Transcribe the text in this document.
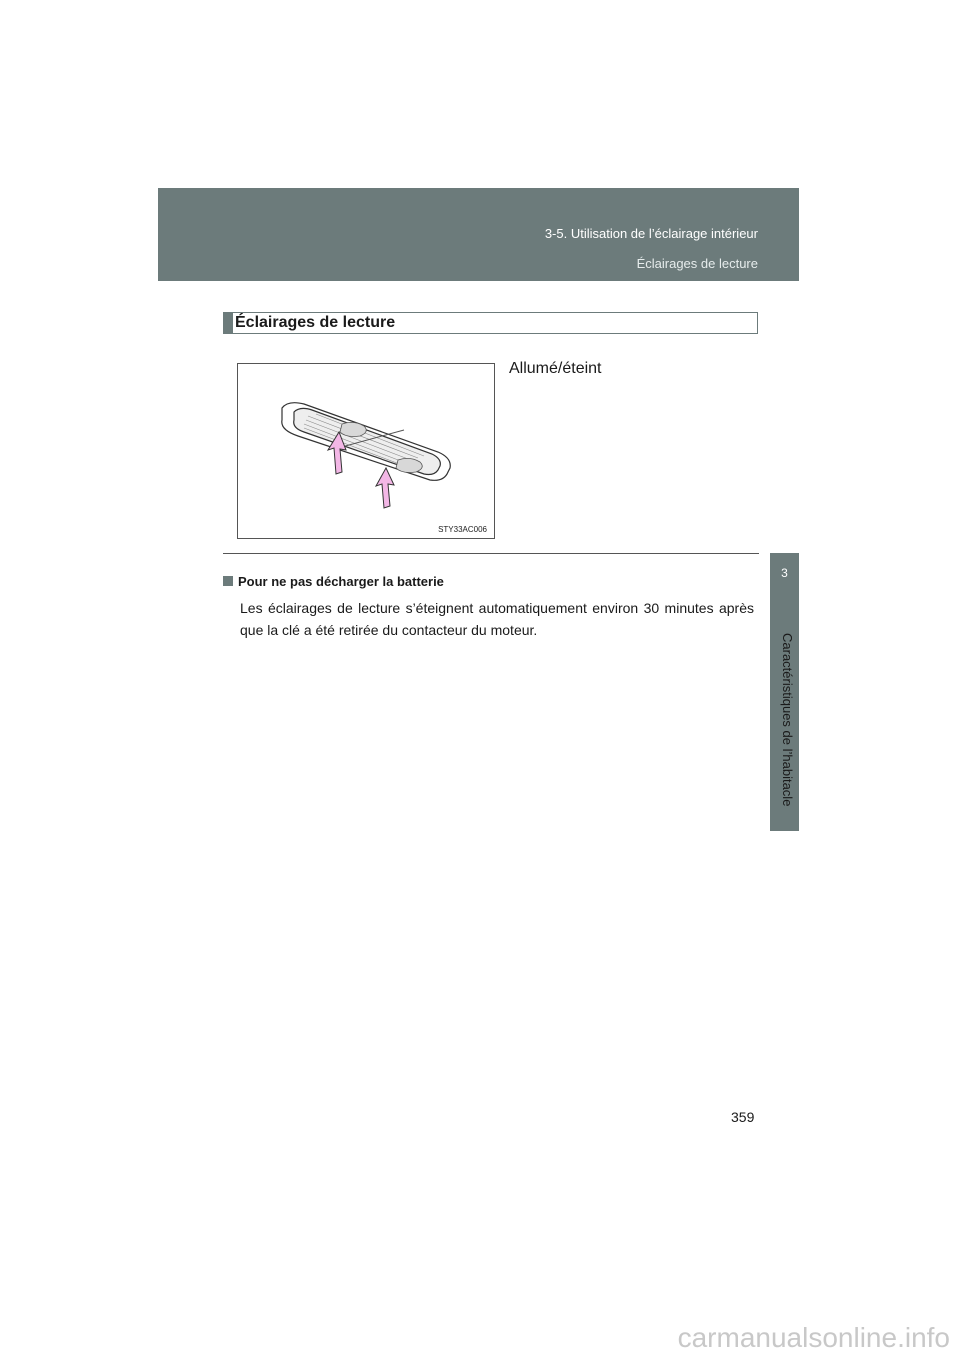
3-5. Utilisation de l’éclairage intérieur
Éclairages de lecture
3
Caractéristiques de l’habitacle
Éclairages de lecture
STY33AC006
Allumé/éteint
Pour ne pas décharger la batterie
Les éclairages de lecture s’éteignent automatiquement environ 30 minutes après que la clé a été retirée du contacteur du moteur.
359
carmanualsonline.info
